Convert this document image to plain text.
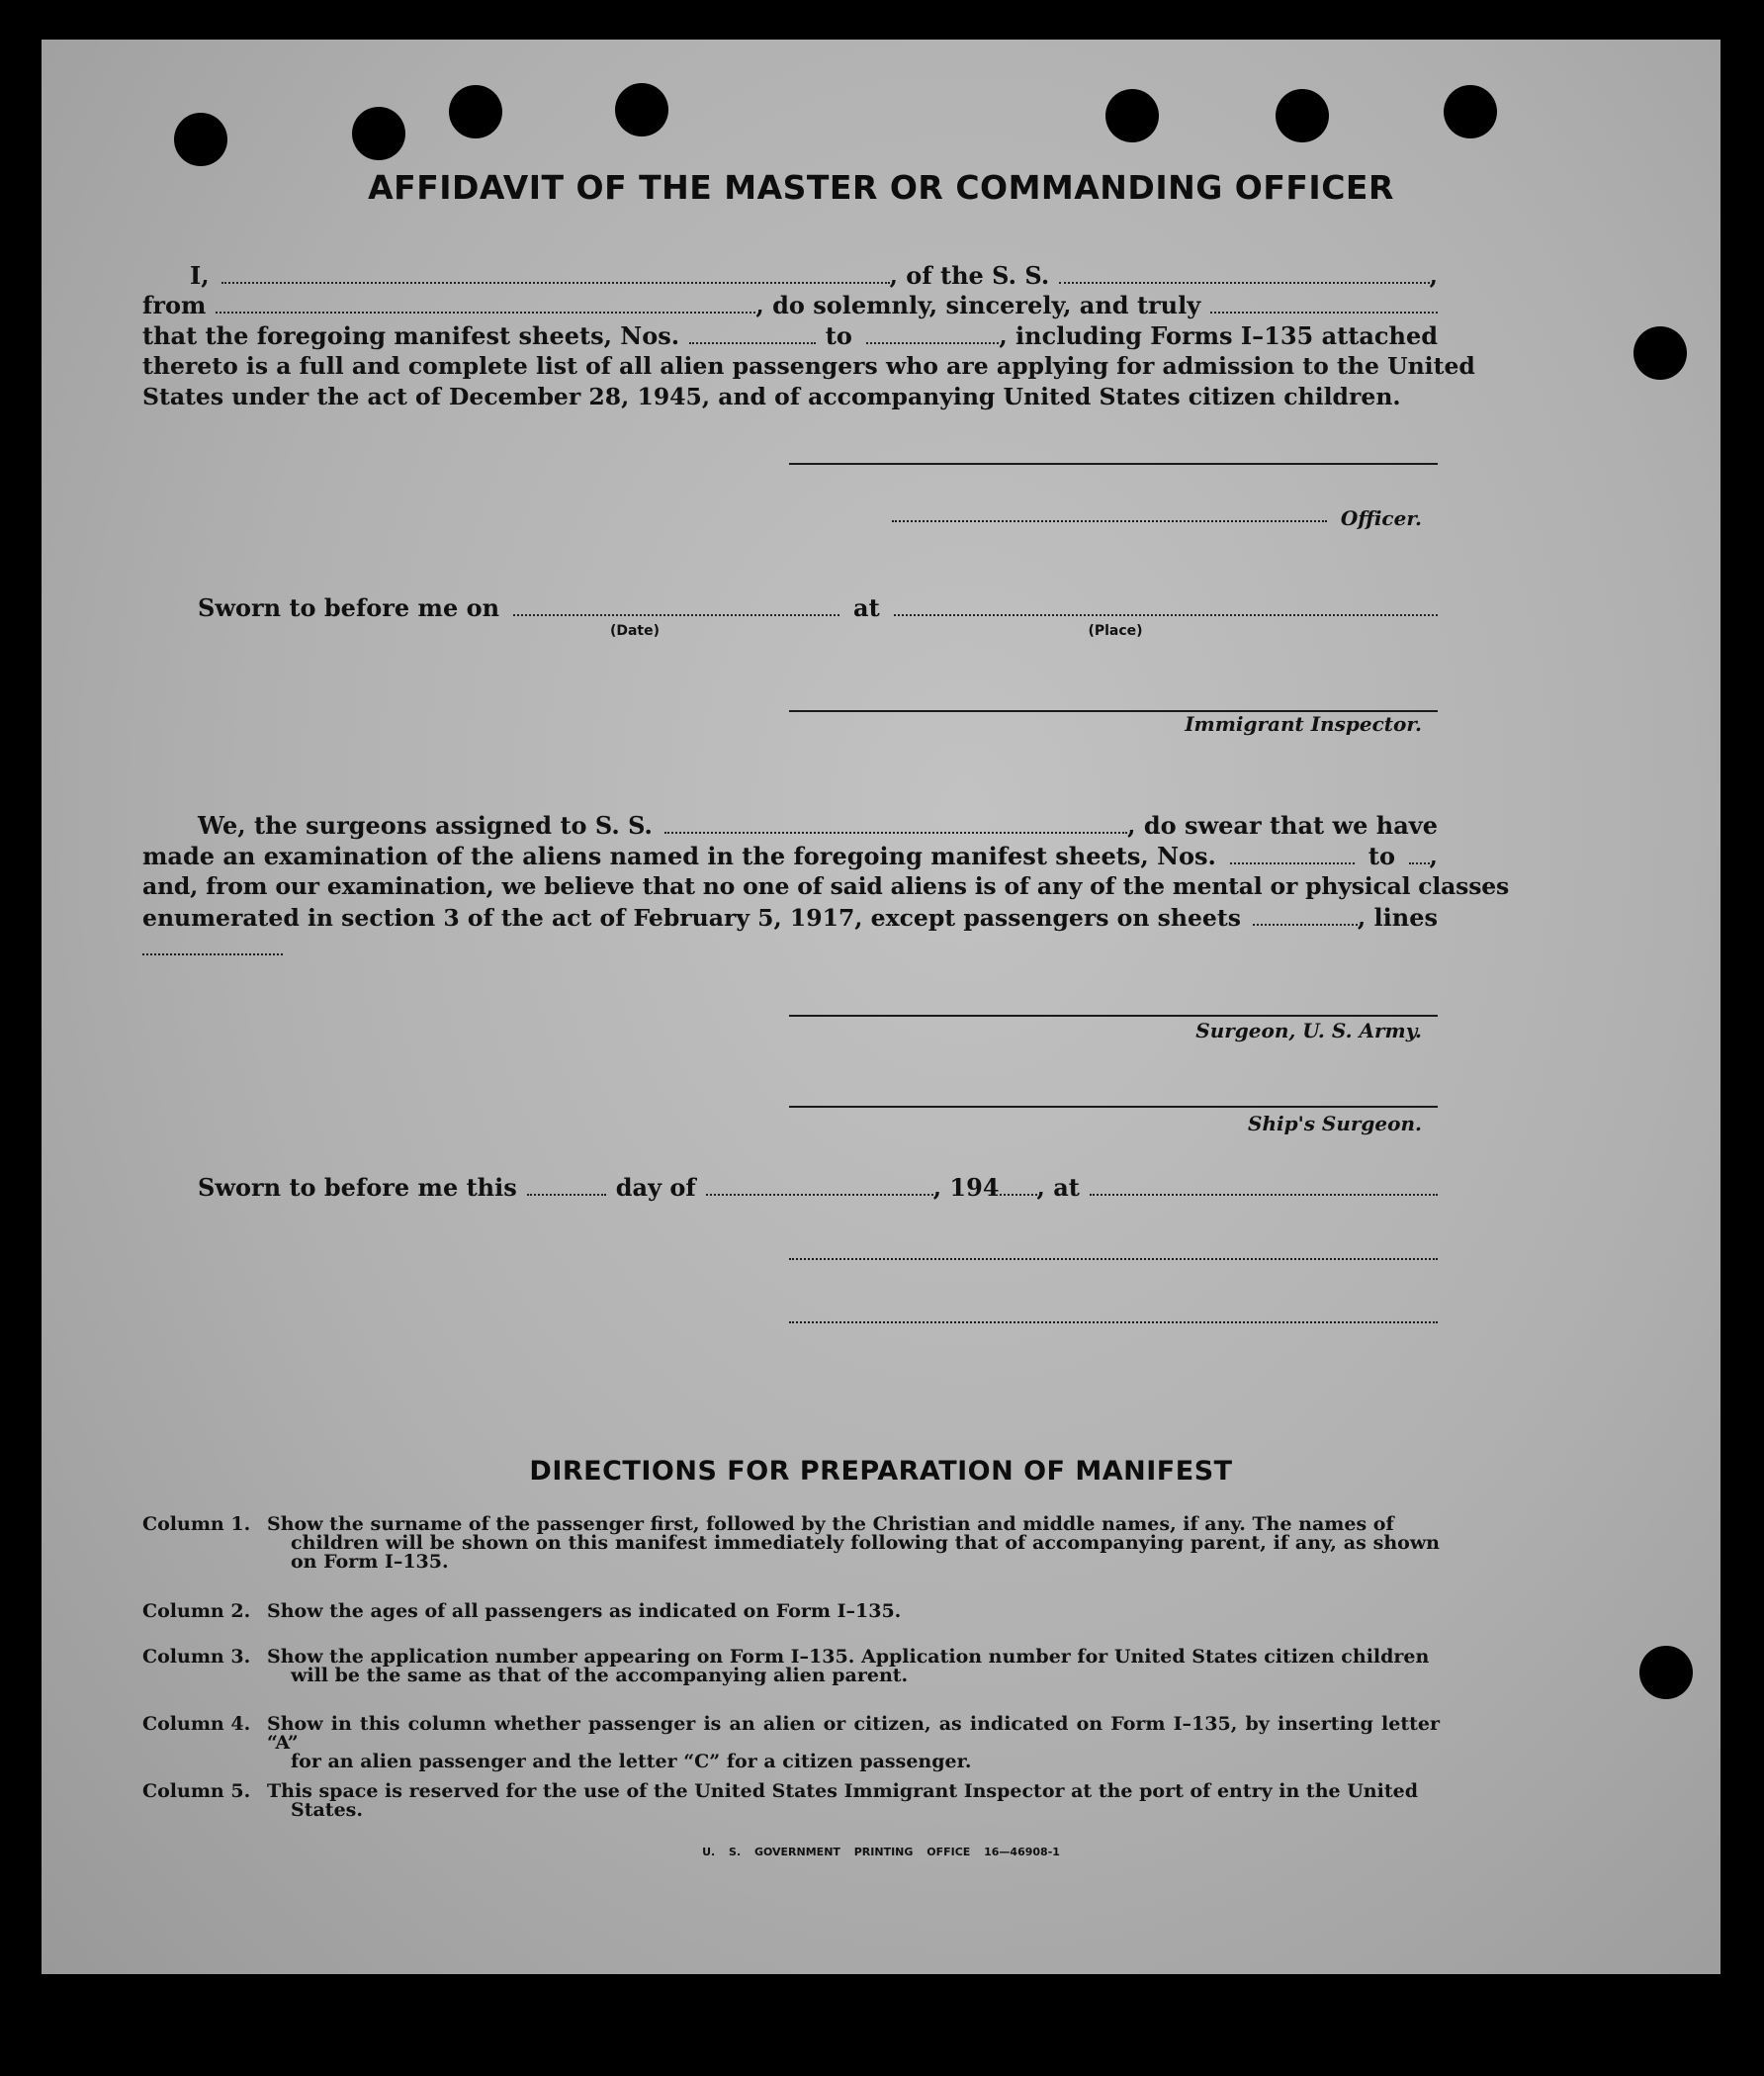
AFFIDAVIT OF THE MASTER OR COMMANDING OFFICER
I,	, of the S. S.	,
from	, do solemnly, sincerely, and truly
that the foregoing manifest sheets, Nos.	to	, including Forms I–135 attached
thereto is a full and complete list of all alien passengers who are applying for admission to the United
States under the act of December 28, 1945, and of accompanying United States citizen children.
Officer.
Sworn to before me on	at
(Date)	(Place)
Immigrant Inspector.
We, the surgeons assigned to S. S.	, do swear that we have
made an examination of the aliens named in the foregoing manifest sheets, Nos.	to ,
and, from our examination, we believe that no one of said aliens is of any of the mental or physical classes
enumerated in section 3 of the act of February 5, 1917, except passengers on sheets	, lines
Surgeon, U. S. Army.
Ship's Surgeon.
Sworn to before me this	day of	, 194 , at
DIRECTIONS FOR PREPARATION OF MANIFEST
Column 1. Show the surname of the passenger first, followed by the Christian and middle names, if any. The names of
children will be shown on this manifest immediately following that of accompanying parent, if any, as shown on Form I–135.
Column 2. Show the ages of all passengers as indicated on Form I–135.
Column 3. Show the application number appearing on Form I–135. Application number for United States citizen children
will be the same as that of the accompanying alien parent.
Column 4. Show in this column whether passenger is an alien or citizen, as indicated on Form I–135, by inserting letter “A”
for an alien passenger and the letter “C” for a citizen passenger.
Column 5. This space is reserved for the use of the United States Immigrant Inspector at the port of entry in the United
States.
U. S. GOVERNMENT PRINTING OFFICE 16—46908-1
